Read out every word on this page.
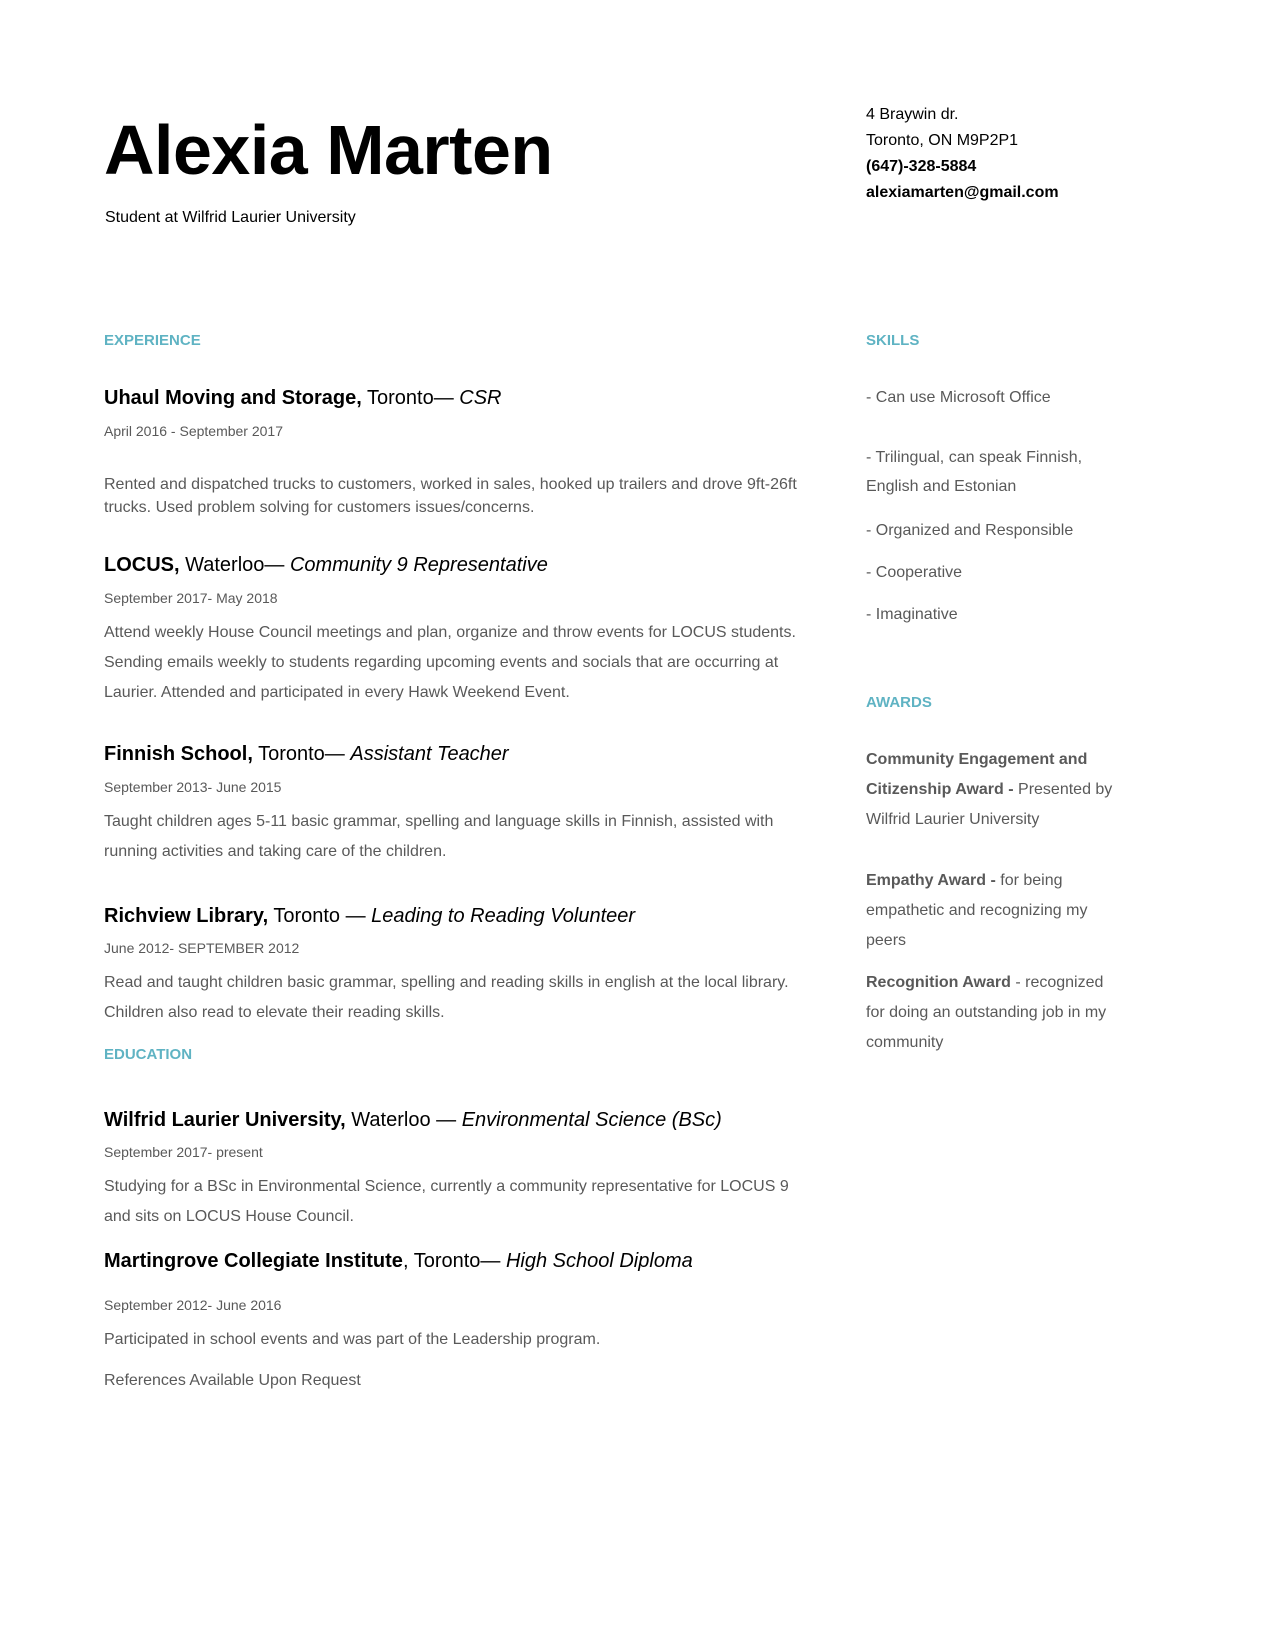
Alexia Marten
Student at Wilfrid Laurier University
4 Braywin dr.
Toronto, ON M9P2P1
(647)-328-5884
alexiamarten@gmail.com
EXPERIENCE
Uhaul Moving and Storage, Toronto— CSR
April 2016 - September 2017
Rented and dispatched trucks to customers, worked in sales, hooked up trailers and drove 9ft-26ft trucks. Used problem solving for customers issues/concerns.
LOCUS, Waterloo— Community 9 Representative
September 2017- May 2018
Attend weekly House Council meetings and plan, organize and throw events for LOCUS students. Sending emails weekly to students regarding upcoming events and socials that are occurring at Laurier. Attended and participated in every Hawk Weekend Event.
Finnish School, Toronto— Assistant Teacher
September 2013- June 2015
Taught children ages 5-11 basic grammar, spelling and language skills in Finnish, assisted with running activities and taking care of the children.
Richview Library, Toronto — Leading to Reading Volunteer
June 2012- SEPTEMBER 2012
Read and taught children basic grammar, spelling and reading skills in english at the local library. Children also read to elevate their reading skills.
EDUCATION
Wilfrid Laurier University, Waterloo — Environmental Science (BSc)
September 2017- present
Studying for a BSc in Environmental Science, currently a community representative for LOCUS 9 and sits on LOCUS House Council.
Martingrove Collegiate Institute, Toronto— High School Diploma
September 2012- June 2016
Participated in school events and was part of the Leadership program.
References Available Upon Request
SKILLS
- Can use Microsoft Office
- Trilingual, can speak Finnish, English and Estonian
- Organized and Responsible
- Cooperative
- Imaginative
AWARDS
Community Engagement and Citizenship Award - Presented by Wilfrid Laurier University
Empathy Award - for being empathetic and recognizing my peers
Recognition Award - recognized for doing an outstanding job in my community
